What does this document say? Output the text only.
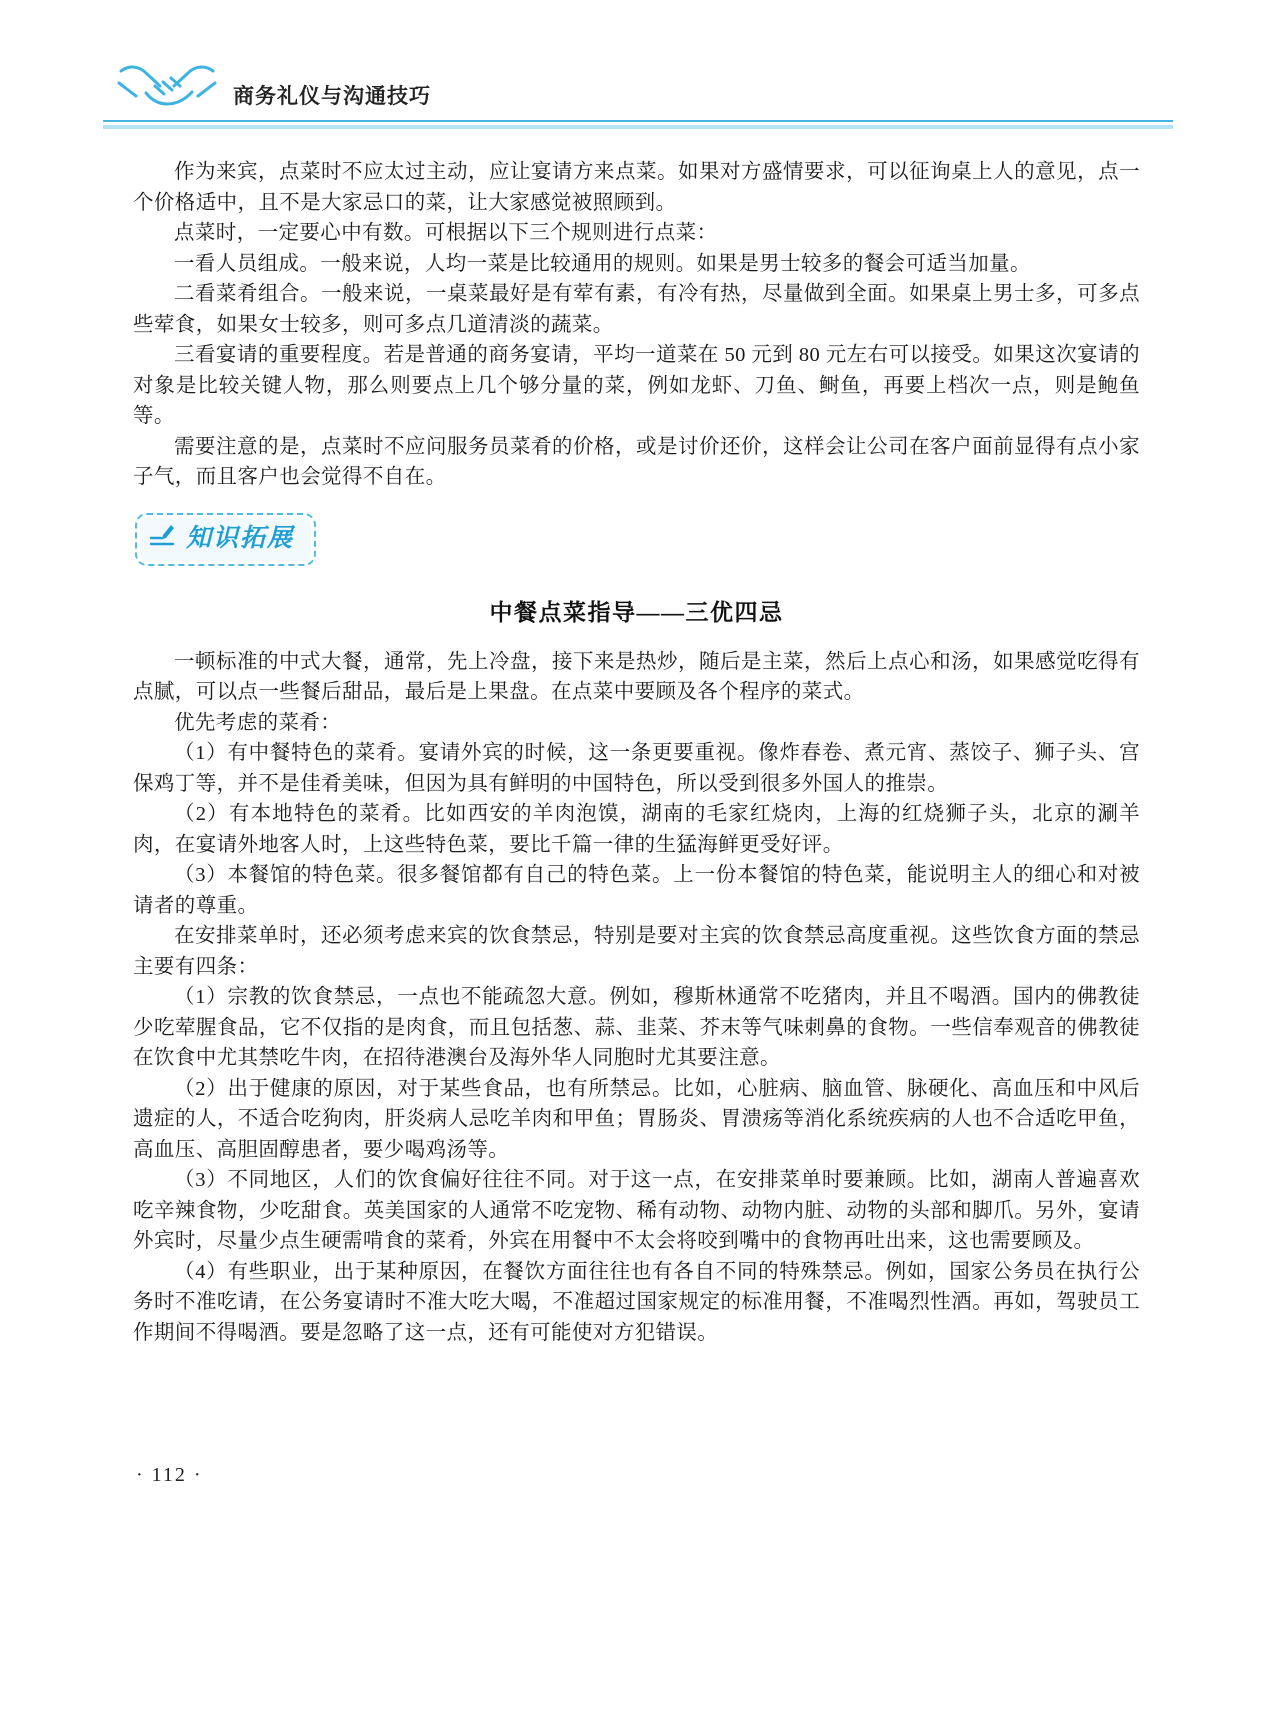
商务礼仪与沟通技巧

作为来宾，点菜时不应太过主动，应让宴请方来点菜。如果对方盛情要求，可以征询桌上人的意见，点一个价格适中，且不是大家忌口的菜，让大家感觉被照顾到。

点菜时，一定要心中有数。可根据以下三个规则进行点菜：

一看人员组成。一般来说，人均一菜是比较通用的规则。如果是男士较多的餐会可适当加量。

二看菜肴组合。一般来说，一桌菜最好是有荤有素，有冷有热，尽量做到全面。如果桌上男士多，可多点些荤食，如果女士较多，则可多点几道清淡的蔬菜。

三看宴请的重要程度。若是普通的商务宴请，平均一道菜在 50 元到 80 元左右可以接受。如果这次宴请的对象是比较关键人物，那么则要点上几个够分量的菜，例如龙虾、刀鱼、鲥鱼，再要上档次一点，则是鲍鱼等。

需要注意的是，点菜时不应问服务员菜肴的价格，或是讨价还价，这样会让公司在客户面前显得有点小家子气，而且客户也会觉得不自在。

知识拓展
中餐点菜指导——三优四忌

一顿标准的中式大餐，通常，先上冷盘，接下来是热炒，随后是主菜，然后上点心和汤，如果感觉吃得有点腻，可以点一些餐后甜品，最后是上果盘。在点菜中要顾及各个程序的菜式。

优先考虑的菜肴：

（1）有中餐特色的菜肴。宴请外宾的时候，这一条更要重视。像炸春卷、煮元宵、蒸饺子、狮子头、宫保鸡丁等，并不是佳肴美味，但因为具有鲜明的中国特色，所以受到很多外国人的推崇。

（2）有本地特色的菜肴。比如西安的羊肉泡馍，湖南的毛家红烧肉，上海的红烧狮子头，北京的涮羊肉，在宴请外地客人时，上这些特色菜，要比千篇一律的生猛海鲜更受好评。

（3）本餐馆的特色菜。很多餐馆都有自己的特色菜。上一份本餐馆的特色菜，能说明主人的细心和对被请者的尊重。

在安排菜单时，还必须考虑来宾的饮食禁忌，特别是要对主宾的饮食禁忌高度重视。这些饮食方面的禁忌主要有四条：

（1）宗教的饮食禁忌，一点也不能疏忽大意。例如，穆斯林通常不吃猪肉，并且不喝酒。国内的佛教徒少吃荤腥食品，它不仅指的是肉食，而且包括葱、蒜、韭菜、芥末等气味刺鼻的食物。一些信奉观音的佛教徒在饮食中尤其禁吃牛肉，在招待港澳台及海外华人同胞时尤其要注意。

（2）出于健康的原因，对于某些食品，也有所禁忌。比如，心脏病、脑血管、脉硬化、高血压和中风后遗症的人，不适合吃狗肉，肝炎病人忌吃羊肉和甲鱼；胃肠炎、胃溃疡等消化系统疾病的人也不合适吃甲鱼，高血压、高胆固醇患者，要少喝鸡汤等。

（3）不同地区，人们的饮食偏好往往不同。对于这一点，在安排菜单时要兼顾。比如，湖南人普遍喜欢吃辛辣食物，少吃甜食。英美国家的人通常不吃宠物、稀有动物、动物内脏、动物的头部和脚爪。另外，宴请外宾时，尽量少点生硬需啃食的菜肴，外宾在用餐中不太会将咬到嘴中的食物再吐出来，这也需要顾及。

（4）有些职业，出于某种原因，在餐饮方面往往也有各自不同的特殊禁忌。例如，国家公务员在执行公务时不准吃请，在公务宴请时不准大吃大喝，不准超过国家规定的标准用餐，不准喝烈性酒。再如，驾驶员工作期间不得喝酒。要是忽略了这一点，还有可能使对方犯错误。

· 112 ·
